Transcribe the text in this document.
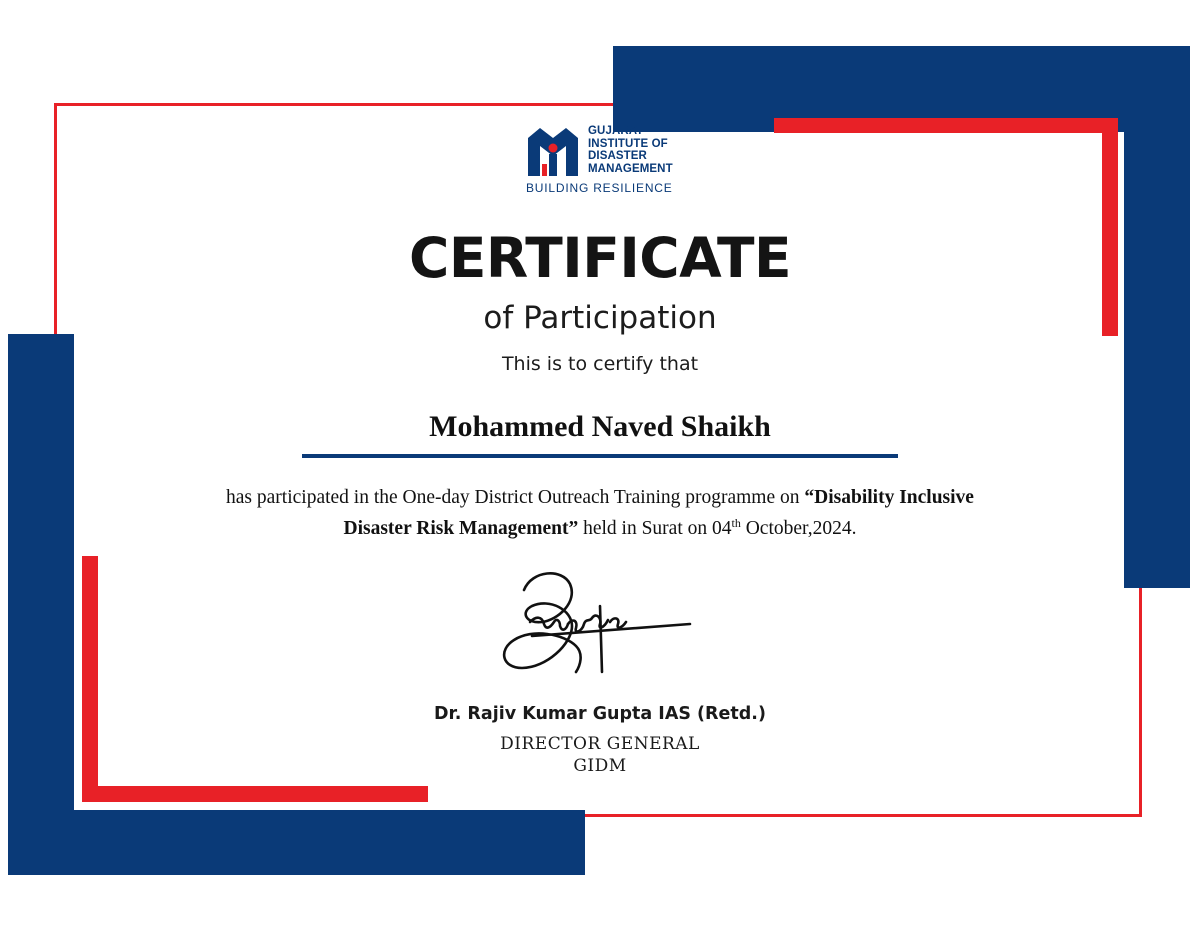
GUJARAT
INSTITUTE OF
DISASTER
MANAGEMENT
BUILDING RESILIENCE
CERTIFICATE
of Participation
This is to certify that
Mohammed Naved Shaikh
has participated in the One-day District Outreach Training programme on “Disability Inclusive
Disaster Risk Management” held in Surat on 04th October,2024.
Dr. Rajiv Kumar Gupta IAS (Retd.)
DIRECTOR GENERAL
GIDM
